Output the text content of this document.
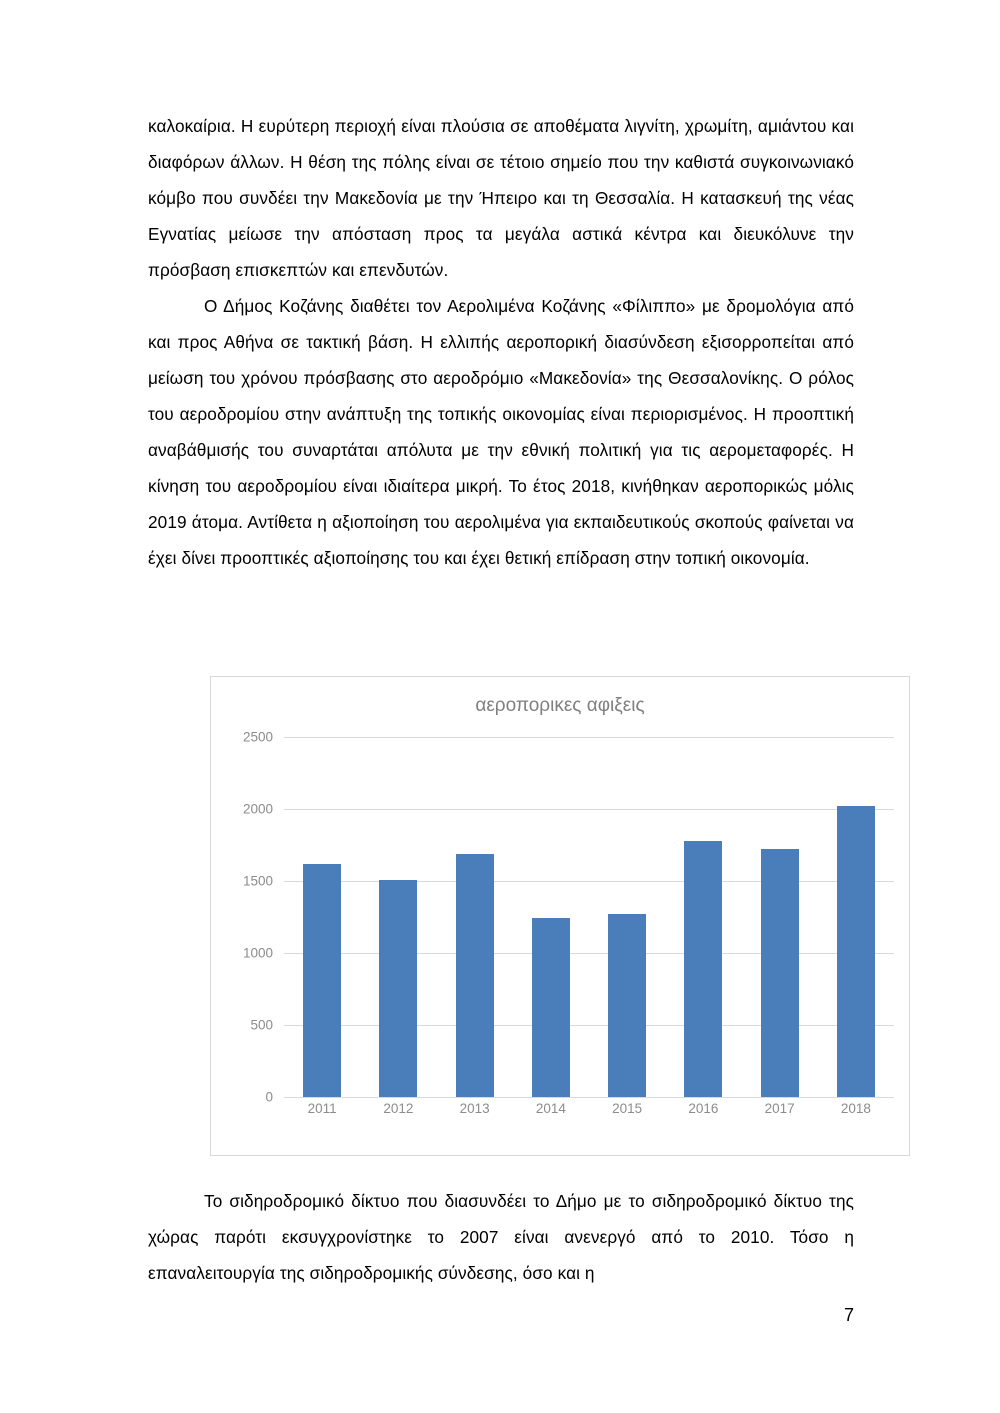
καλοκαίρια. Η ευρύτερη περιοχή είναι πλούσια σε αποθέματα λιγνίτη, χρωμίτη, αμιάντου και διαφόρων άλλων. Η θέση της πόλης είναι σε τέτοιο σημείο που την καθιστά συγκοινωνιακό κόμβο που συνδέει την Μακεδονία με την Ήπειρο και τη Θεσσαλία. Η κατασκευή της νέας Εγνατίας μείωσε την απόσταση προς τα μεγάλα αστικά κέντρα και διευκόλυνε την πρόσβαση επισκεπτών και επενδυτών.

Ο Δήμος Κοζάνης διαθέτει τον Αερολιμένα Κοζάνης «Φίλιππο» με δρομολόγια από και προς Αθήνα σε τακτική βάση. Η ελλιπής αεροπορική διασύνδεση εξισορροπείται από μείωση του χρόνου πρόσβασης στο αεροδρόμιο «Μακεδονία» της Θεσσαλονίκης. Ο ρόλος του αεροδρομίου στην ανάπτυξη της τοπικής οικονομίας είναι περιορισμένος. Η προοπτική αναβάθμισής του συναρτάται απόλυτα με την εθνική πολιτική για τις αερομεταφορές. Η κίνηση του αεροδρομίου είναι ιδιαίτερα μικρή. Το έτος 2018, κινήθηκαν αεροπορικώς μόλις 2019 άτομα. Αντίθετα η αξιοποίηση του αερολιμένα για εκπαιδευτικούς σκοπούς φαίνεται να έχει δίνει προοπτικές αξιοποίησης του και έχει θετική επίδραση στην τοπική οικονομία.

αεροπορικες αφιξεις
2500
2000
1500
1000
500
0
2011	2012	2013	2014	2015	2016	2017	2018

Το σιδηροδρομικό δίκτυο που διασυνδέει το Δήμο με το σιδηροδρομικό δίκτυο της χώρας παρότι εκσυγχρονίστηκε το 2007 είναι ανενεργό από το 2010. Τόσο η επαναλειτουργία της σιδηροδρομικής σύνδεσης, όσο και η

7
